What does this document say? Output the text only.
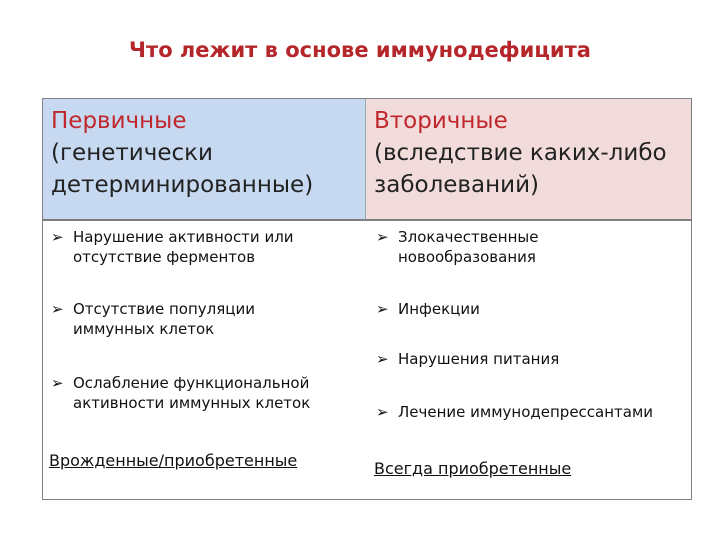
Что лежит в основе иммунодефицита
Первичные
(генетически
детерминированные)
Вторичные
(вследствие каких-либо
заболеваний)
➢ Нарушение активности или
отсутствие ферментов
➢ Отсутствие популяции
иммунных клеток
➢ Ослабление функциональной
активности иммунных клеток
Врожденные/приобретенные
➢ Злокачественные
новообразования
➢ Инфекции
➢ Нарушения питания
➢ Лечение иммунодепрессантами
Всегда приобретенные
